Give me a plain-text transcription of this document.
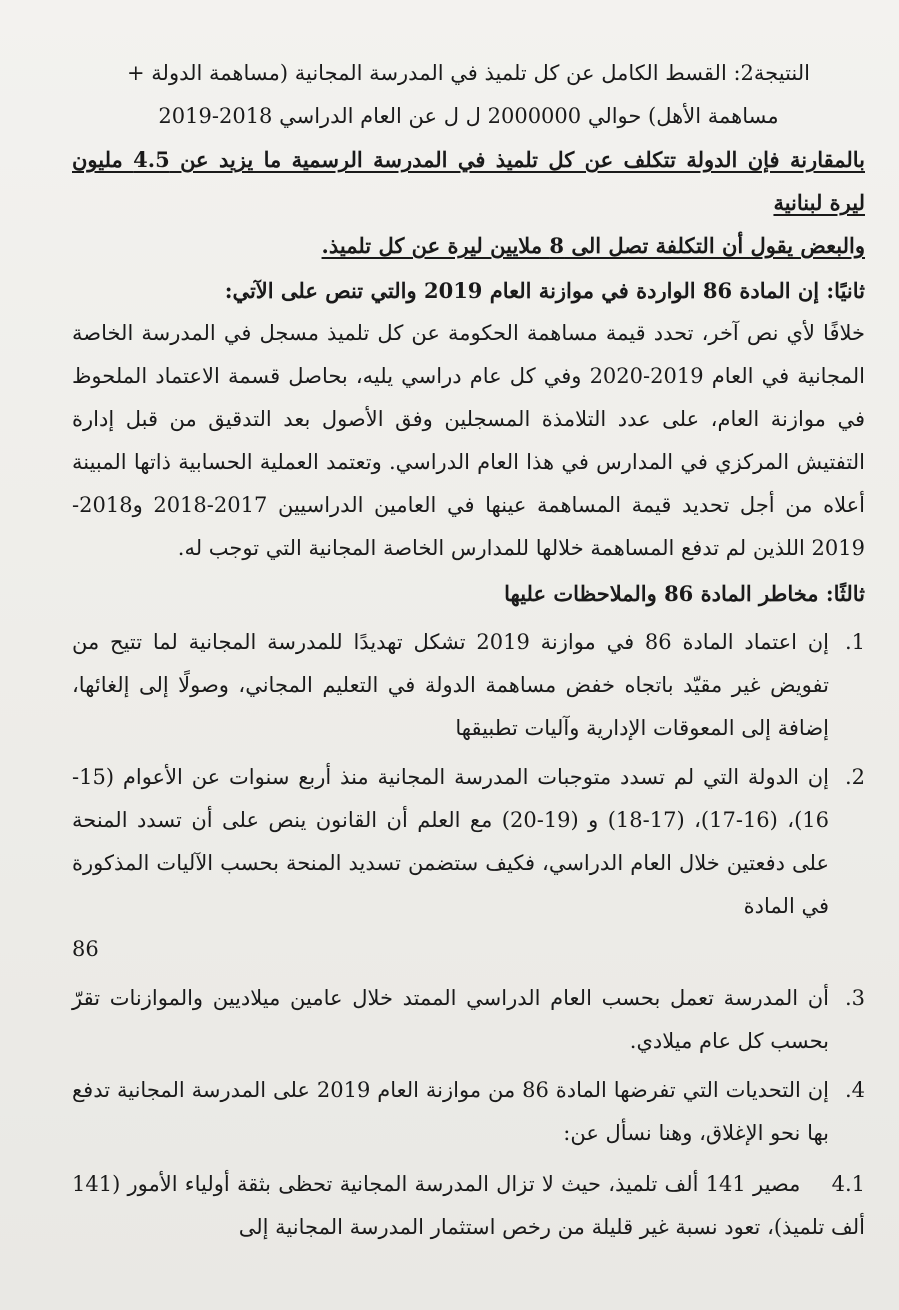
النتيجة2: القسط الكامل عن كل تلميذ في المدرسة المجانية (مساهمة الدولة +

مساهمة الأهل) حوالي 2000000 ل ل عن العام الدراسي 2018-2019

بالمقارنة فإن الدولة تتكلف عن كل تلميذ في المدرسة الرسمية ما يزيد عن 4.5 مليون ليرة لبنانية

والبعض يقول أن التكلفة تصل الى 8 ملايين ليرة عن كل تلميذ.

ثانيًا: إن المادة 86 الواردة في موازنة العام 2019 والتي تنص على الآتي:

خلافًا لأي نص آخر، تحدد قيمة مساهمة الحكومة عن كل تلميذ مسجل في المدرسة الخاصة المجانية في العام 2019-2020 وفي كل عام دراسي يليه، بحاصل قسمة الاعتماد الملحوظ في موازنة العام، على عدد التلامذة المسجلين وفق الأصول بعد التدقيق من قبل إدارة التفتيش المركزي في المدارس في هذا العام الدراسي. وتعتمد العملية الحسابية ذاتها المبينة أعلاه من أجل تحديد قيمة المساهمة عينها في العامين الدراسيين 2017-2018 و2018-2019 اللذين لم تدفع المساهمة خلالها للمدارس الخاصة المجانية التي توجب له.

ثالثًا: مخاطر المادة 86 والملاحظات عليها

1.
إن اعتماد المادة 86 في موازنة 2019 تشكل تهديدًا للمدرسة المجانية لما تتيح من تفويض غير مقيّد باتجاه خفض مساهمة الدولة في التعليم المجاني، وصولًا إلى إلغائها، إضافة إلى المعوقات الإدارية وآليات تطبيقها
2.
إن الدولة التي لم تسدد متوجبات المدرسة المجانية منذ أربع سنوات عن الأعوام (15-16)، (16-17)، (17-18) و (19-20) مع العلم أن القانون ينص على أن تسدد المنحة على دفعتين خلال العام الدراسي، فكيف ستضمن تسديد المنحة بحسب الآليات المذكورة في المادة
86
3.
أن المدرسة تعمل بحسب العام الدراسي الممتد خلال عامين ميلاديين والموازنات تقرّ بحسب كل عام ميلادي.
4.
إن التحديات التي تفرضها المادة 86 من موازنة العام 2019 على المدرسة المجانية تدفع بها نحو الإغلاق، وهنا نسأل عن:

4.1 مصير 141 ألف تلميذ، حيث لا تزال المدرسة المجانية تحظى بثقة أولياء الأمور (141 ألف تلميذ)، تعود نسبة غير قليلة من رخص استثمار المدرسة المجانية إلى
